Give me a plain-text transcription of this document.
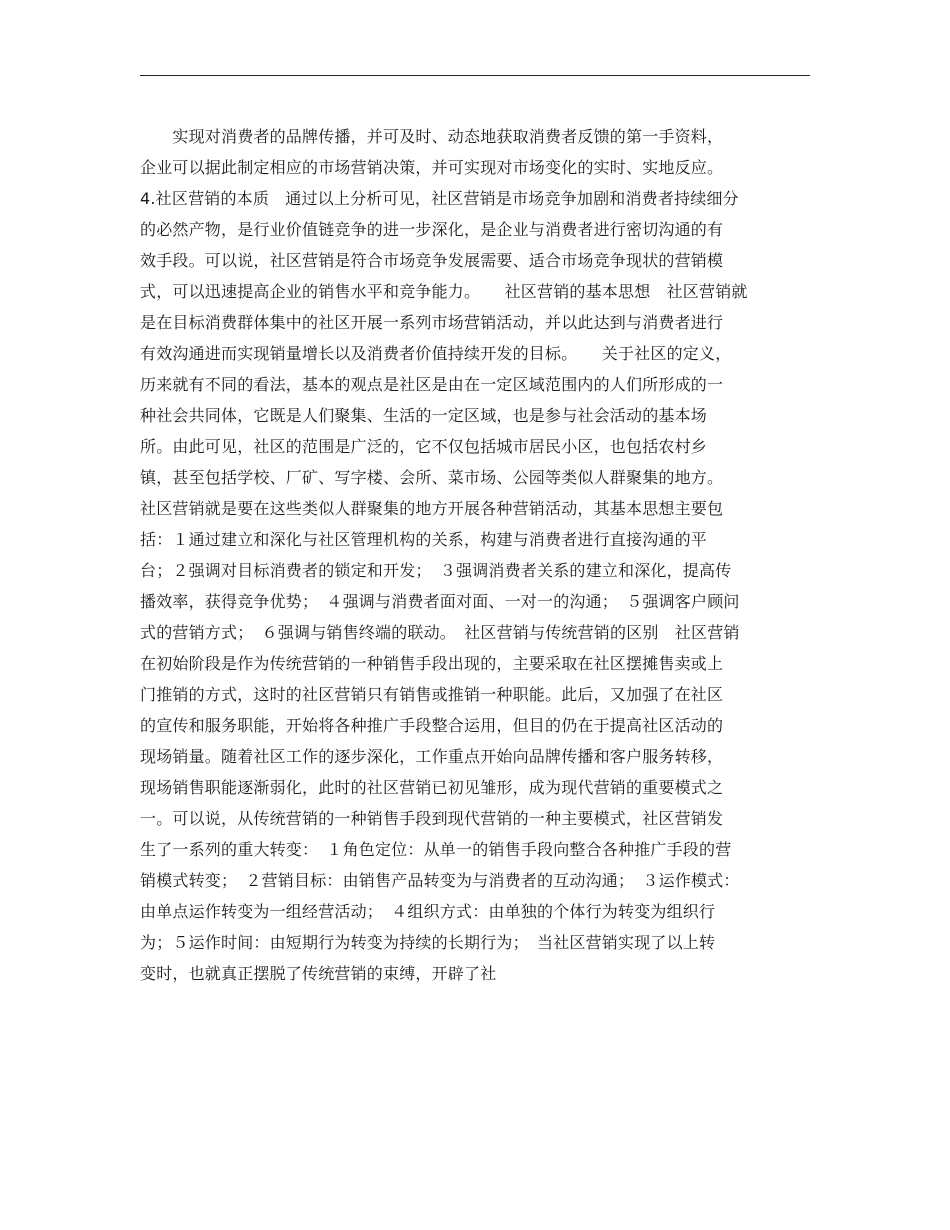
　　实现对消费者的品牌传播，并可及时、动态地获取消费者反馈的第一手资料，
企业可以据此制定相应的市场营销决策，并可实现对市场变化的实时、实地反应。
4.社区营销的本质　通过以上分析可见，社区营销是市场竞争加剧和消费者持续细分
的必然产物，是行业价值链竞争的进一步深化，是企业与消费者进行密切沟通的有
效手段。可以说，社区营销是符合市场竞争发展需要、适合市场竞争现状的营销模
式，可以迅速提高企业的销售水平和竞争能力。　　社区营销的基本思想　社区营销就
是在目标消费群体集中的社区开展一系列市场营销活动，并以此达到与消费者进行
有效沟通进而实现销量增长以及消费者价值持续开发的目标。　　关于社区的定义，
历来就有不同的看法，基本的观点是社区是由在一定区域范围内的人们所形成的一
种社会共同体，它既是人们聚集、生活的一定区域，也是参与社会活动的基本场
所。由此可见，社区的范围是广泛的，它不仅包括城市居民小区，也包括农村乡
镇，甚至包括学校、厂矿、写字楼、会所、菜市场、公园等类似人群聚集的地方。
社区营销就是要在这些类似人群聚集的地方开展各种营销活动，其基本思想主要包
括：１通过建立和深化与社区管理机构的关系，构建与消费者进行直接沟通的平
台；２强调对目标消费者的锁定和开发；　３强调消费者关系的建立和深化，提高传
播效率，获得竞争优势；　４强调与消费者面对面、一对一的沟通；　５强调客户顾问
式的营销方式；　６强调与销售终端的联动。　社区营销与传统营销的区别　社区营销
在初始阶段是作为传统营销的一种销售手段出现的，主要采取在社区摆摊售卖或上
门推销的方式，这时的社区营销只有销售或推销一种职能。此后，又加强了在社区
的宣传和服务职能，开始将各种推广手段整合运用，但目的仍在于提高社区活动的
现场销量。随着社区工作的逐步深化，工作重点开始向品牌传播和客户服务转移，
现场销售职能逐渐弱化，此时的社区营销已初见雏形，成为现代营销的重要模式之
一。可以说，从传统营销的一种销售手段到现代营销的一种主要模式，社区营销发
生了一系列的重大转变：　１角色定位：从单一的销售手段向整合各种推广手段的营
销模式转变；　２营销目标：由销售产品转变为与消费者的互动沟通；　３运作模式：
由单点运作转变为一组经营活动；　４组织方式：由单独的个体行为转变为组织行
为；５运作时间：由短期行为转变为持续的长期行为；　当社区营销实现了以上转
变时，也就真正摆脱了传统营销的束缚，开辟了社
